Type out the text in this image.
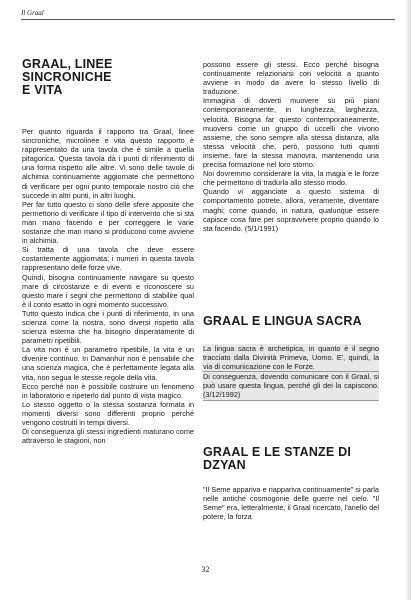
Il Graal
GRAAL, LINEE SINCRONICHE
E VITA

Per quanto riguarda il rapporto tra Graal, linee sincroniche, microlinee e vita questo rapporto è rappresentato da una tavola che è simile a quella pitagorica. Questa tavola dà i punti di riferimento di una forma rispetto alle altre. Vi sono delle tavole di alchimia continuamente aggiornate che permettono di verificare per ogni punto temporale nostro ciò che succede in altri punti, in altri luoghi.

Per far tutto questo ci sono delle sfere apposite che permettono di verificare il tipo di intervento che si sta man mano facendo e per correggere le varie sostanze che man mano si producono come avviene in alchimia.

Si tratta di una tavola che deve essere costantemente aggiornata; i numeri in questa tavola rappresentano delle forze vive.

Quindi, bisogna continuamente navigare su questo mare di circostanze e di eventi e riconoscere su questo mare i segni che permettono di stabilire qual è il conto esatto in ogni momento successivo.

Tutto questo indica che i punti di riferimento, in una scienza come la nostra, sono diversi rispetto alla scienza esterna che ha bisogno disperatamente di parametri ripetibili.

La vita non è un parametro ripetibile, la vita è un divenire continuo. In Damanhur non è pensabile che una scienza magica, che è perfettamente legata alla vita, non segua le stesse regole della vita.

Ecco perché non è possibile costruire un fenomeno in laboratorio e ripeterlo dal punto di vista magico.

Lo stesso oggetto o la stessa sostanza formata in momenti diversi sono differenti proprio perché vengono costruiti in tempi diversi.

Di conseguenza gli stessi ingredienti maturano come attraverso le stagioni, non

possono essere gli stessi. Ecco perché bisogna continuamente relazionarsi con velocità a quanto avviene in modo da avere lo stesso livello di traduzione.

Immagina di doverti muovere su più piani contemporaneamente, in lunghezza, larghezza, velocità. Bisogna far questo contemporaneamente, muoversi come un gruppo di uccelli che vivono assieme, che sono sempre alla stessa distanza, alla stessa velocità che, però, possono tutti quanti insieme, fare la stessa manovra, mantenendo una precisa formazione nel loro storno.

Noi dovremmo considerare la vita, la magia e le forze che permettono di tradurla allo stesso modo.

Quando vi agganciate a questo sistema di comportamento potrete, allora, veramente, diventare maghi; come quando, in natura, qualunque essere capisce cosa fare per sopravvivere proprio quando lo sta facendo. (5/1/1991)

GRAAL E LINGUA SACRA

La lingua sacra è archetipica, in quanto è il segno tracciato dalla Divinità Primeva, Uomo. E', quindi, la via di comunicazione con le Forze.

Di conseguenza, dovendo comunicare con il Graal, si può usare questa lingua, perché gli dei la capiscono. (3/12/1992)

GRAAL E LE STANZE DI
DZYAN

"Il Seme appariva e riappariva continuamente" si parla nelle antiche cosmogonie delle guerre nel cielo. "Il Seme" era, letteralmente, il Graal ricercato, l'anello del potere, la forza

32
